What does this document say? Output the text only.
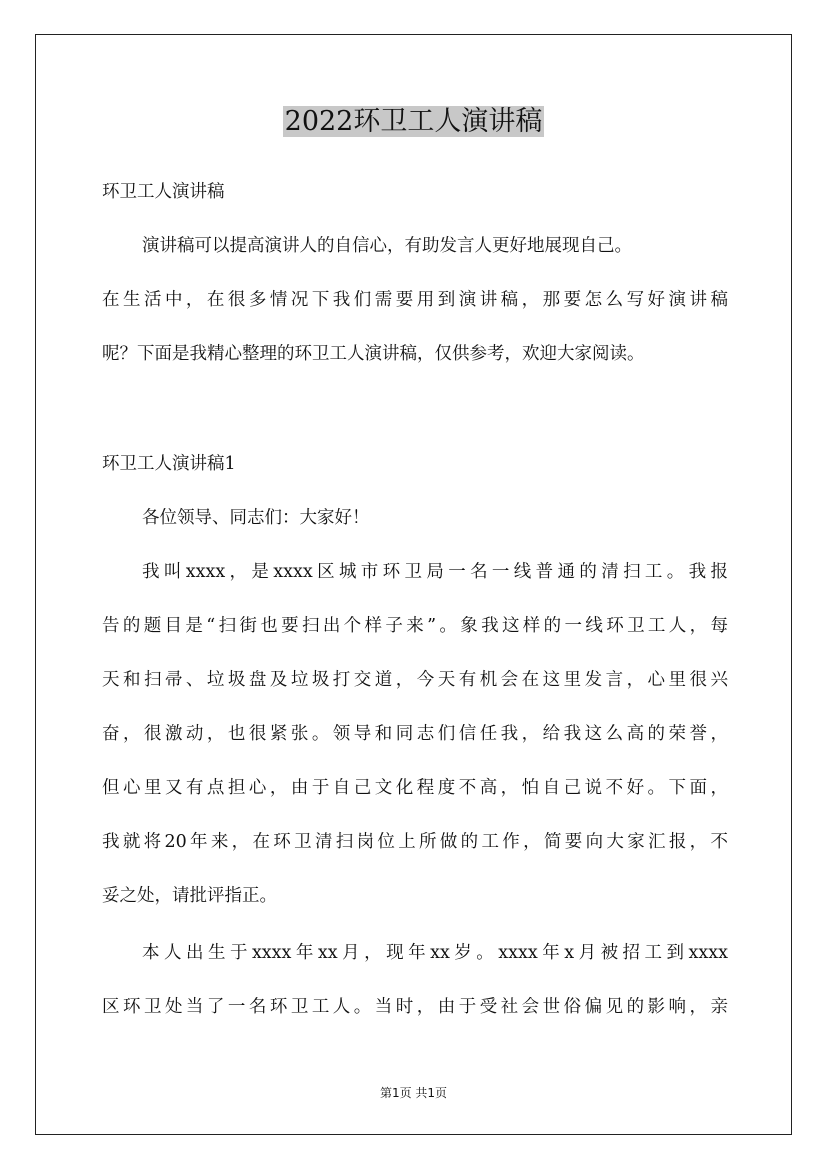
2022环卫工人演讲稿
环卫工人演讲稿
演讲稿可以提高演讲人的自信心，有助发言人更好地展现自己。
在生活中，在很多情况下我们需要用到演讲稿，那要怎么写好演讲稿
呢？下面是我精心整理的环卫工人演讲稿，仅供参考，欢迎大家阅读。
环卫工人演讲稿1
各位领导、同志们：大家好！
我叫xxxx，是xxxx区城市环卫局一名一线普通的清扫工。我报
告的题目是“扫街也要扫出个样子来”。象我这样的一线环卫工人，每
天和扫帚、垃圾盘及垃圾打交道，今天有机会在这里发言，心里很兴
奋，很激动，也很紧张。领导和同志们信任我，给我这么高的荣誉，
但心里又有点担心，由于自己文化程度不高，怕自己说不好。下面，
我就将20年来，在环卫清扫岗位上所做的工作，简要向大家汇报，不
妥之处，请批评指正。
本人出生于xxxx年xx月，现年xx岁。xxxx年x月被招工到xxxx
区环卫处当了一名环卫工人。当时，由于受社会世俗偏见的影响，亲
第1页 共1页
